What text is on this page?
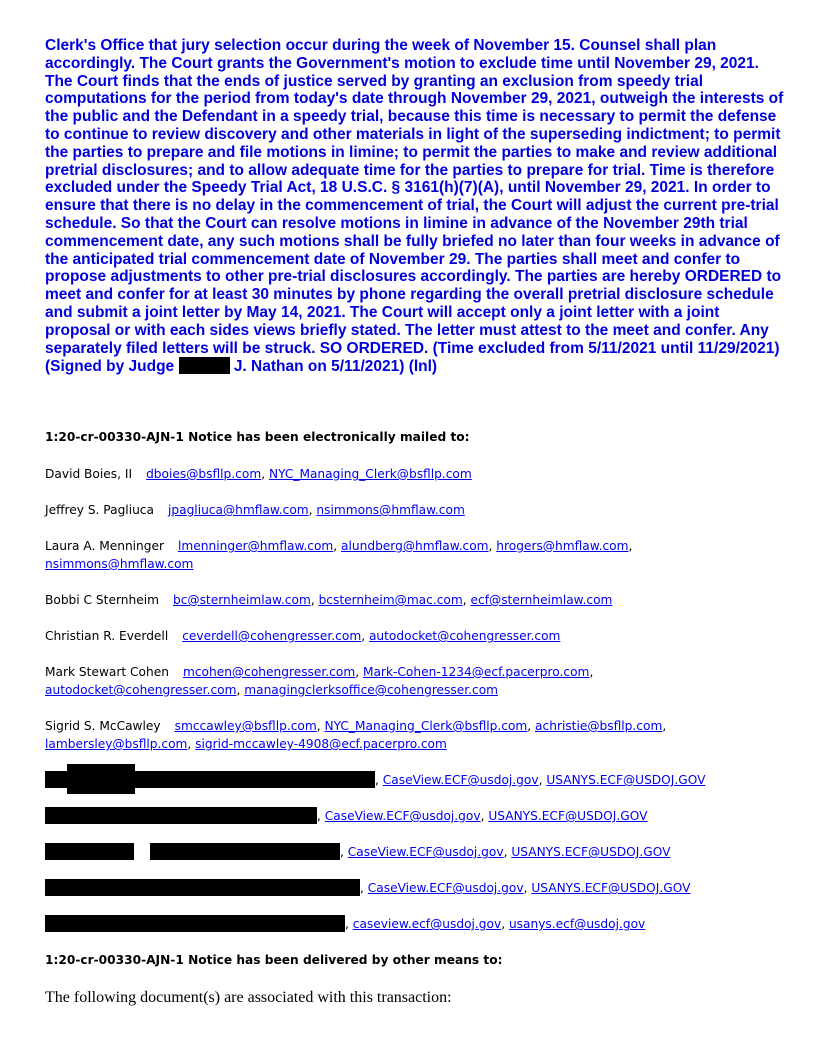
Clerk's Office that jury selection occur during the week of November 15. Counsel shall plan accordingly. The Court grants the Government's motion to exclude time until November 29, 2021. The Court finds that the ends of justice served by granting an exclusion from speedy trial computations for the period from today's date through November 29, 2021, outweigh the interests of the public and the Defendant in a speedy trial, because this time is necessary to permit the defense to continue to review discovery and other materials in light of the superseding indictment; to permit the parties to prepare and file motions in limine; to permit the parties to make and review additional pretrial disclosures; and to allow adequate time for the parties to prepare for trial. Time is therefore excluded under the Speedy Trial Act, 18 U.S.C. § 3161(h)(7)(A), until November 29, 2021. In order to ensure that there is no delay in the commencement of trial, the Court will adjust the current pre-trial schedule. So that the Court can resolve motions in limine in advance of the November 29th trial commencement date, any such motions shall be fully briefed no later than four weeks in advance of the anticipated trial commencement date of November 29. The parties shall meet and confer to propose adjustments to other pre-trial disclosures accordingly. The parties are hereby ORDERED to meet and confer for at least 30 minutes by phone regarding the overall pretrial disclosure schedule and submit a joint letter by May 14, 2021. The Court will accept only a joint letter with a joint proposal or with each sides views briefly stated. The letter must attest to the meet and confer. Any separately filed letters will be struck. SO ORDERED. (Time excluded from 5/11/2021 until 11/29/2021) (Signed by Judge	J. Nathan on 5/11/2021) (lnl)

1:20-cr-00330-AJN-1 Notice has been electronically mailed to:
David Boies, II dboies@bsfllp.com, NYC_Managing_Clerk@bsfllp.com
Jeffrey S. Pagliuca jpagliuca@hmflaw.com, nsimmons@hmflaw.com
Laura A. Menninger lmenninger@hmflaw.com, alundberg@hmflaw.com, hrogers@hmflaw.com,
nsimmons@hmflaw.com
Bobbi C Sternheim bc@sternheimlaw.com, bcsternheim@mac.com, ecf@sternheimlaw.com
Christian R. Everdell ceverdell@cohengresser.com, autodocket@cohengresser.com
Mark Stewart Cohen mcohen@cohengresser.com, Mark-Cohen-1234@ecf.pacerpro.com,
autodocket@cohengresser.com, managingclerksoffice@cohengresser.com
Sigrid S. McCawley smccawley@bsfllp.com, NYC_Managing_Clerk@bsfllp.com, achristie@bsfllp.com,
lambersley@bsfllp.com, sigrid-mccawley-4908@ecf.pacerpro.com
, CaseView.ECF@usdoj.gov, USANYS.ECF@USDOJ.GOV
, CaseView.ECF@usdoj.gov, USANYS.ECF@USDOJ.GOV
, CaseView.ECF@usdoj.gov, USANYS.ECF@USDOJ.GOV
, CaseView.ECF@usdoj.gov, USANYS.ECF@USDOJ.GOV
, caseview.ecf@usdoj.gov, usanys.ecf@usdoj.gov
1:20-cr-00330-AJN-1 Notice has been delivered by other means to:

The following document(s) are associated with this transaction:
